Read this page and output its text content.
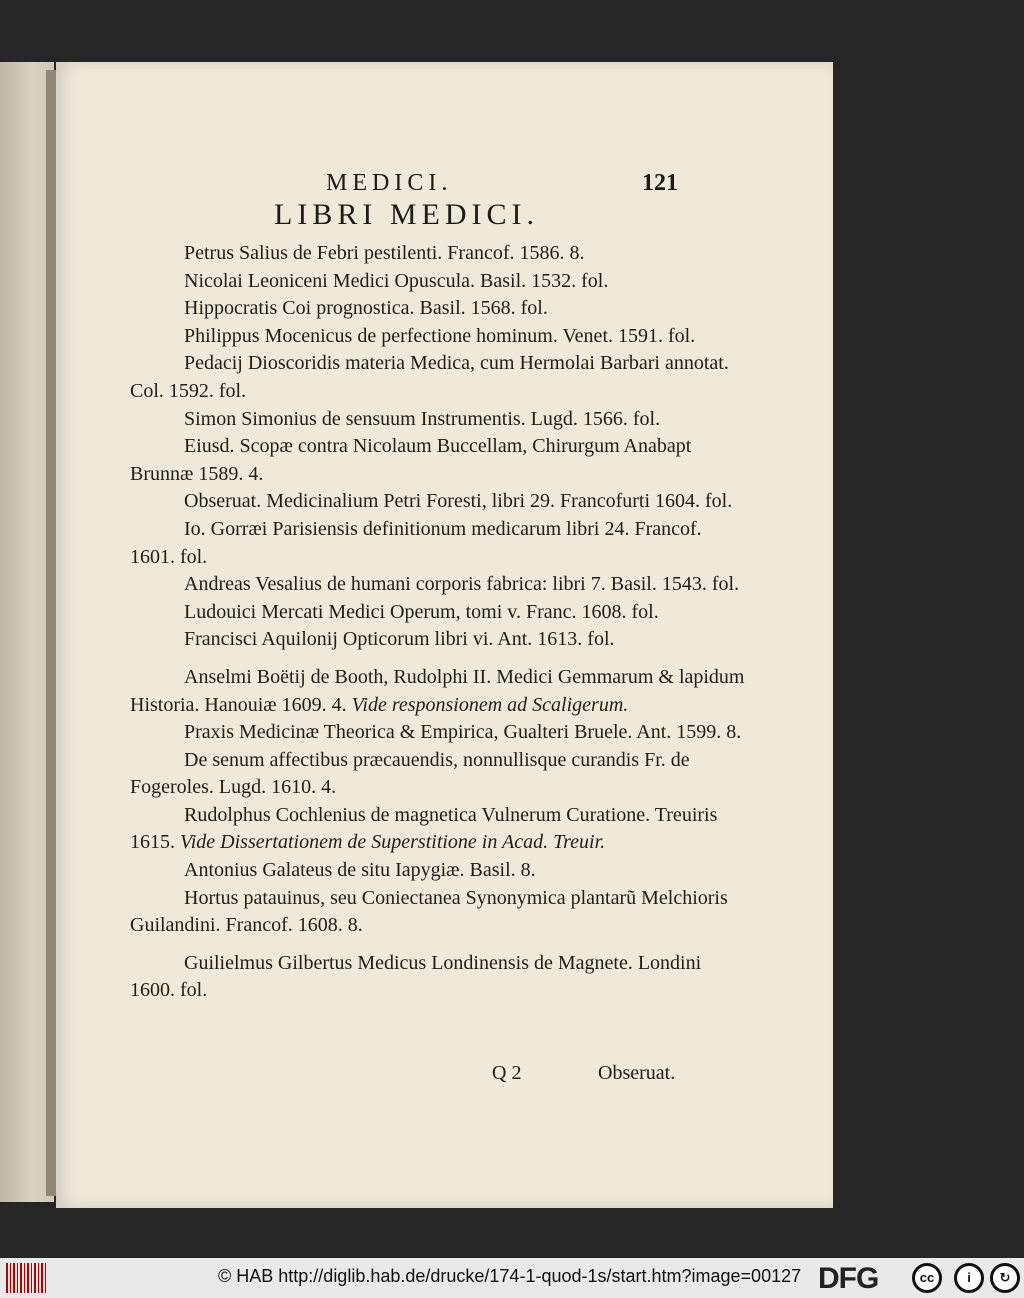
MEDICI.	121
LIBRI MEDICI.

Petrus Salius de Febri pestilenti. Francof. 1586. 8.

Nicolai Leoniceni Medici Opuscula. Basil. 1532. fol.

Hippocratis Coi prognostica. Basil. 1568. fol.

Philippus Mocenicus de perfectione hominum. Venet. 1591. fol.

Pedacij Dioscoridis materia Medica, cum Hermolai Barbari annotat. Col. 1592. fol.

Simon Simonius de sensuum Instrumentis. Lugd. 1566. fol.

Eiusd. Scopæ contra Nicolaum Buccellam, Chirurgum Anabapt Brunnæ 1589. 4.

Obseruat. Medicinalium Petri Foresti, libri 29. Francofurti 1604. fol.

Io. Gorræi Parisiensis definitionum medicarum libri 24. Francof. 1601. fol.

Andreas Vesalius de humani corporis fabrica: libri 7. Basil. 1543. fol.

Ludouici Mercati Medici Operum, tomi v. Franc. 1608. fol.

Francisci Aquilonij Opticorum libri vi. Ant. 1613. fol.

Anselmi Boëtij de Booth, Rudolphi II. Medici Gemmarum & lapidum Historia. Hanouiæ 1609. 4. Vide responsionem ad Scaligerum.

Praxis Medicinæ Theorica & Empirica, Gualteri Bruele. Ant. 1599. 8.

De senum affectibus præcauendis, nonnullisque curandis Fr. de Fogeroles. Lugd. 1610. 4.

Rudolphus Cochlenius de magnetica Vulnerum Curatione. Treuiris 1615. Vide Dissertationem de Superstitione in Acad. Treuir.

Antonius Galateus de situ Iapygiæ. Basil. 8.

Hortus patauinus, seu Coniectanea Synonymica plantarũ Melchioris Guilandini. Francof. 1608. 8.

Guilielmus Gilbertus Medicus Londinensis de Magnete. Londini 1600. fol.

Q 2	Obseruat.
© HAB http://diglib.hab.de/drucke/174-1-quod-1s/start.htm?image=00127 DFG	cc	i	↻
